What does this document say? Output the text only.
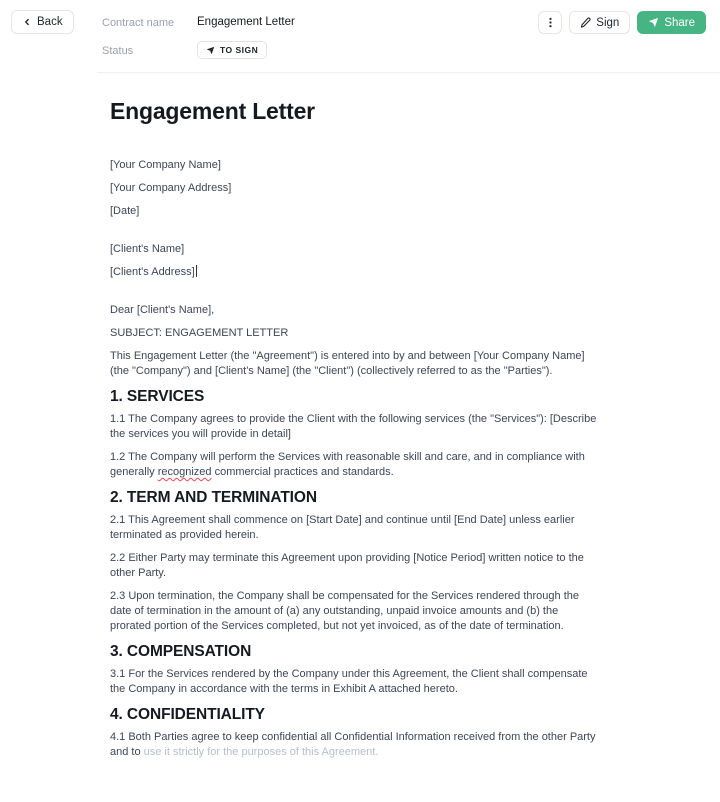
Back	Contract name Engagement Letter
Status	TO SIGN
Sign	Share
Engagement Letter

[Your Company Name]

[Your Company Address]

[Date]

[Client's Name]

[Client's Address]

Dear [Client's Name],

SUBJECT: ENGAGEMENT LETTER

This Engagement Letter (the "Agreement") is entered into by and between [Your Company Name] (the "Company") and [Client's Name] (the "Client") (collectively referred to as the "Parties").

1. SERVICES

1.1 The Company agrees to provide the Client with the following services (the "Services"): [Describe the services you will provide in detail]

1.2 The Company will perform the Services with reasonable skill and care, and in compliance with generally recognized commercial practices and standards.

2. TERM AND TERMINATION

2.1 This Agreement shall commence on [Start Date] and continue until [End Date] unless earlier terminated as provided herein.

2.2 Either Party may terminate this Agreement upon providing [Notice Period] written notice to the other Party.

2.3 Upon termination, the Company shall be compensated for the Services rendered through the date of termination in the amount of (a) any outstanding, unpaid invoice amounts and (b) the prorated portion of the Services completed, but not yet invoiced, as of the date of termination.

3. COMPENSATION

3.1 For the Services rendered by the Company under this Agreement, the Client shall compensate the Company in accordance with the terms in Exhibit A attached hereto.

4. CONFIDENTIALITY

4.1 Both Parties agree to keep confidential all Confidential Information received from the other Party and to use it strictly for the purposes of this Agreement.
